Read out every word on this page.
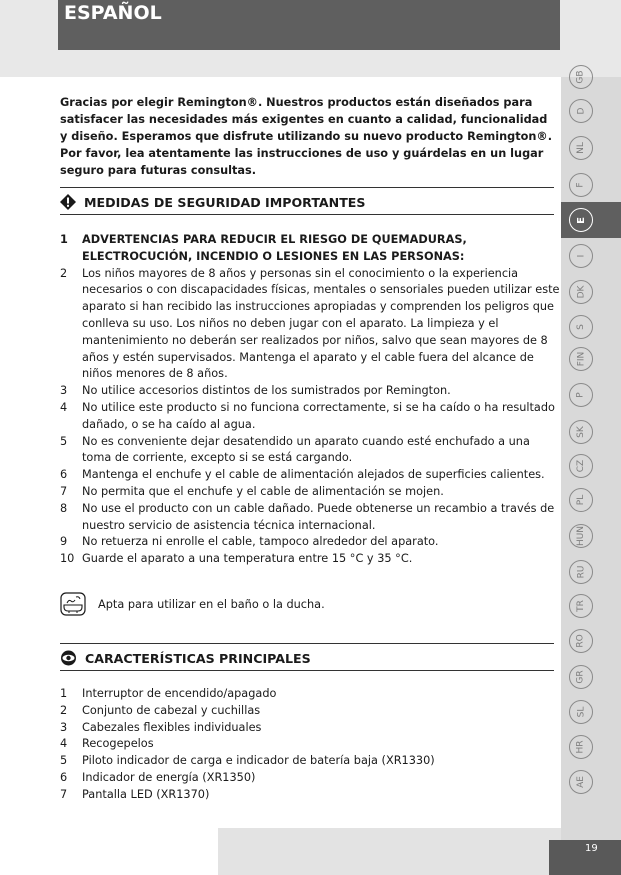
ESPAÑOL
GB
D
NL
F
E
I
DK
S
FIN
P
SK
CZ
PL
HUN
RU
TR
RO
GR
SL
HR
AE
Gracias por elegir Remington®. Nuestros productos están diseñados para satisfacer las necesidades más exigentes en cuanto a calidad, funcionalidad y diseño. Esperamos que disfrute utilizando su nuevo producto Remington®. Por favor, lea atentamente las instrucciones de uso y guárdelas en un lugar seguro para futuras consultas.
MEDIDAS DE SEGURIDAD IMPORTANTES
1	ADVERTENCIAS PARA REDUCIR EL RIESGO DE QUEMADURAS, ELECTROCUCIÓN, INCENDIO O LESIONES EN LAS PERSONAS:
2	Los niños mayores de 8 años y personas sin el conocimiento o la experiencia necesarios o con discapacidades físicas, mentales o sensoriales pueden utilizar este aparato si han recibido las instrucciones apropiadas y comprenden los peligros que conlleva su uso. Los niños no deben jugar con el aparato. La limpieza y el mantenimiento no deberán ser realizados por niños, salvo que sean mayores de 8 años y estén supervisados. Mantenga el aparato y el cable fuera del alcance de niños menores de 8 años.
3	No utilice accesorios distintos de los sumistrados por Remington.
4	No utilice este producto si no funciona correctamente, si se ha caído o ha resultado dañado, o se ha caído al agua.
5	No es conveniente dejar desatendido un aparato cuando esté enchufado a una toma de corriente, excepto si se está cargando.
6	Mantenga el enchufe y el cable de alimentación alejados de superficies calientes.
7	No permita que el enchufe y el cable de alimentación se mojen.
8	No use el producto con un cable dañado. Puede obtenerse un recambio a través de nuestro servicio de asistencia técnica internacional.
9	No retuerza ni enrolle el cable, tampoco alrededor del aparato.
10 Guarde el aparato a una temperatura entre 15 °C y 35 °C.
Apta para utilizar en el baño o la ducha.
CARACTERÍSTICAS PRINCIPALES
1	Interruptor de encendido/apagado
2	Conjunto de cabezal y cuchillas
3	Cabezales flexibles individuales
4	Recogepelos
5	Piloto indicador de carga e indicador de batería baja (XR1330)
6	Indicador de energía (XR1350)
7	Pantalla LED (XR1370)
19
